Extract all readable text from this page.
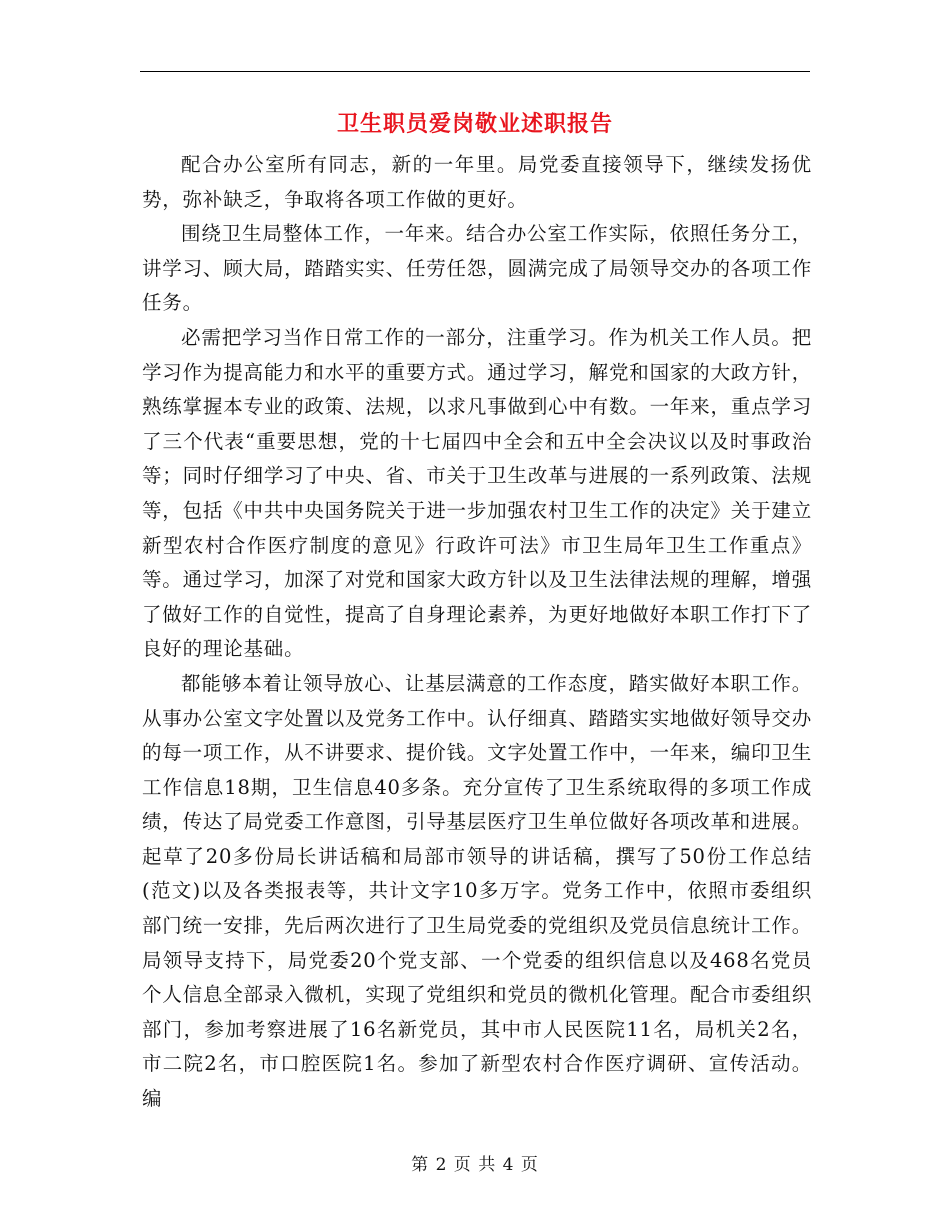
卫生职员爱岗敬业述职报告

配合办公室所有同志，新的一年里。局党委直接领导下，继续发扬优势，弥补缺乏，争取将各项工作做的更好。

围绕卫生局整体工作，一年来。结合办公室工作实际，依照任务分工，讲学习、顾大局，踏踏实实、任劳任怨，圆满完成了局领导交办的各项工作任务。

必需把学习当作日常工作的一部分，注重学习。作为机关工作人员。把学习作为提高能力和水平的重要方式。通过学习，解党和国家的大政方针，熟练掌握本专业的政策、法规，以求凡事做到心中有数。一年来，重点学习了三个代表“重要思想，党的十七届四中全会和五中全会决议以及时事政治等；同时仔细学习了中央、省、市关于卫生改革与进展的一系列政策、法规等，包括《中共中央国务院关于进一步加强农村卫生工作的决定》关于建立新型农村合作医疗制度的意见》行政许可法》市卫生局年卫生工作重点》等。通过学习，加深了对党和国家大政方针以及卫生法律法规的理解，增强了做好工作的自觉性，提高了自身理论素养，为更好地做好本职工作打下了良好的理论基础。

都能够本着让领导放心、让基层满意的工作态度，踏实做好本职工作。从事办公室文字处置以及党务工作中。认仔细真、踏踏实实地做好领导交办的每一项工作，从不讲要求、提价钱。文字处置工作中，一年来，编印卫生工作信息18期，卫生信息40多条。充分宣传了卫生系统取得的多项工作成绩，传达了局党委工作意图，引导基层医疗卫生单位做好各项改革和进展。起草了20多份局长讲话稿和局部市领导的讲话稿，撰写了50份工作总结(范文)以及各类报表等，共计文字10多万字。党务工作中，依照市委组织部门统一安排，先后两次进行了卫生局党委的党组织及党员信息统计工作。局领导支持下，局党委20个党支部、一个党委的组织信息以及468名党员个人信息全部录入微机，实现了党组织和党员的微机化管理。配合市委组织部门，参加考察进展了16名新党员，其中市人民医院11名，局机关2名，市二院2名，市口腔医院1名。参加了新型农村合作医疗调研、宣传活动。编

第 2 页 共 4 页
